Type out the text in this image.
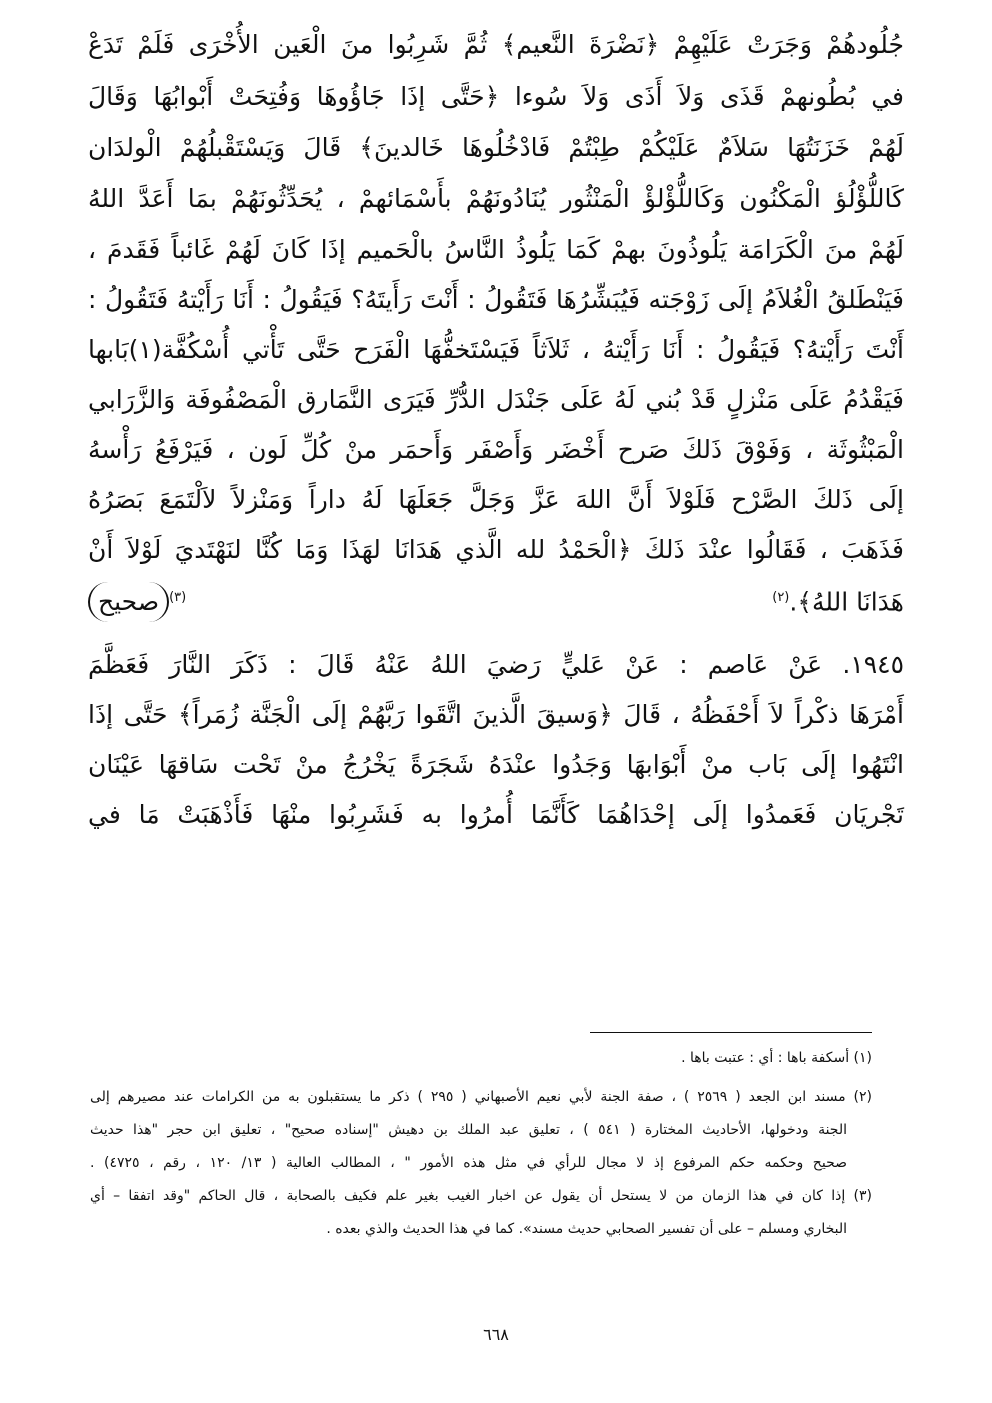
جُلُودهُمْ وَجَرَتْ عَلَيْهِمْ ﴿نَضْرَةَ النَّعيم﴾ ثُمَّ شَرِبُوا منَ الْعَين الأُخْرَى فَلَمْ تَدَعْ
في بُطُونهمْ قَذَى وَلاَ أَذَى وَلاَ سُوءا ﴿حَتَّى إذَا جَاؤُوهَا وَفُتِحَتْ أَبْوابُهَا وَقَالَ
لَهُمْ خَزَنَتُهَا سَلاَمٌ عَلَيْكُمْ طِبْتُمْ فَادْخُلُوهَا خَالدينَ﴾ قَالَ وَيَسْتَقْبلُهُمْ الْولدَان
كَاللُّؤْلُؤ الْمَكْنُون وَكَاللُّؤْلؤْ الْمَنْثُور يُنَادُونَهُمْ بأَسْمَائهمْ ، يُحَدِّثُونَهُمْ بمَا أَعَدَّ اللهُ
لَهُمْ منَ الْكَرَامَة يَلُوذُونَ بهمْ كَمَا يَلُوذُ النَّاسُ بالْحَميم إذَا كَانَ لَهُمْ غَائباً فَقَدمَ ،
فَيَنْطَلقُ الْغُلاَمُ إلَى زَوْجَته فَيُبَشِّرُهَا فَتَقُولُ : أَنْتَ رَأَيتَهُ؟ فَيَقُولُ : أَنَا رَأَيْتهُ فَتَقُولُ :
أَنْتَ رَأَيْتهُ؟ فَيَقُولُ : أَنَا رَأَيْتهُ ، ثَلاَثاً فَيَسْتَخفُّهَا الْفَرَح حَتَّى تَأْتي أُسْكُفَّة(١)بَابها
فَيَقْدُمُ عَلَى مَنْزلٍ قَدْ بُني لَهُ عَلَى جَنْدَل الدُّرِّ فَيَرَى النَّمَارق الْمَصْفُوفَة وَالزَّرَابي
الْمَبْثُوثَة ، وَفَوْقَ ذَلكَ صَرح أَخْضَر وَأَصْفَر وَأَحمَر منْ كُلِّ لَون ، فَيَرْفَعُ رَأْسهُ
إلَى ذَلكَ الصَّرْح فَلَوْلاَ أَنَّ اللهَ عَزَّ وَجَلَّ جَعَلَهَا لَهُ داراً وَمَنْزلاً لاَلْتَمَعَ بَصَرُهُ
فَذَهَبَ ، فَقَالُوا عنْدَ ذَلكَ ﴿الْحَمْدُ لله الَّذي هَدَانَا لهَذَا وَمَا كُنَّا لنَهْتَديَ لَوْلاَ أَنْ
هَدَانَا اللهُ﴾.$^{(٢)}$
$^{(٣)}$صحيح
١٩٤٥. عَنْ عَاصم : عَنْ عَليٍّ رَضيَ اللهُ عَنْهُ قَالَ : ذَكَرَ النَّارَ فَعَظَّمَ
أَمْرَهَا ذكْراً لاَ أَحْفَظُهُ ، قَالَ ﴿وَسيقَ الَّذينَ اتَّقَوا رَبَّهُمْ إلَى الْجَنَّة زُمَراً﴾ حَتَّى إذَا
انْتَهُوا إلَى بَاب منْ أَبْوَابهَا وَجَدُوا عنْدَهُ شَجَرَةً يَخْرُجُ منْ تَحْت سَاقهَا عَيْنَان
تَجْريَان فَعَمدُوا إلَى إحْدَاهُمَا كَأَنَّمَا أُمرُوا به فَشَرِبُوا منْهَا فَأَذْهَبَتْ مَا في
(١) أسكفة باها : أي : عتبت باها .
(٢) مسند ابن الجعد ( ٢٥٦٩ ) ، صفة الجنة لأبي نعيم الأصبهاني ( ٢٩٥ ) ذكر ما يستقبلون به من الكرامات عند مصيرهم إلى
الجنة ودخولها، الأحاديث المختارة ( ٥٤١ ) ، تعليق عبد الملك بن دهيش "إسناده صحيح" ، تعليق ابن حجر "هذا حديث
صحيح وحكمه حكم المرفوع إذ لا مجال للرأي في مثل هذه الأمور " ، المطالب العالية ( ١٣/ ١٢٠ ، رقم ، ٤٧٢٥) .
(٣) إذا كان في هذا الزمان من لا يستحل أن يقول عن اخبار الغيب بغير علم فكيف بالصحابة ، قال الحاكم "وقد اتفقا – أي
البخاري ومسلم – على أن تفسير الصحابي حديث مسند». كما في هذا الحديث والذي بعده .
٦٦٨
